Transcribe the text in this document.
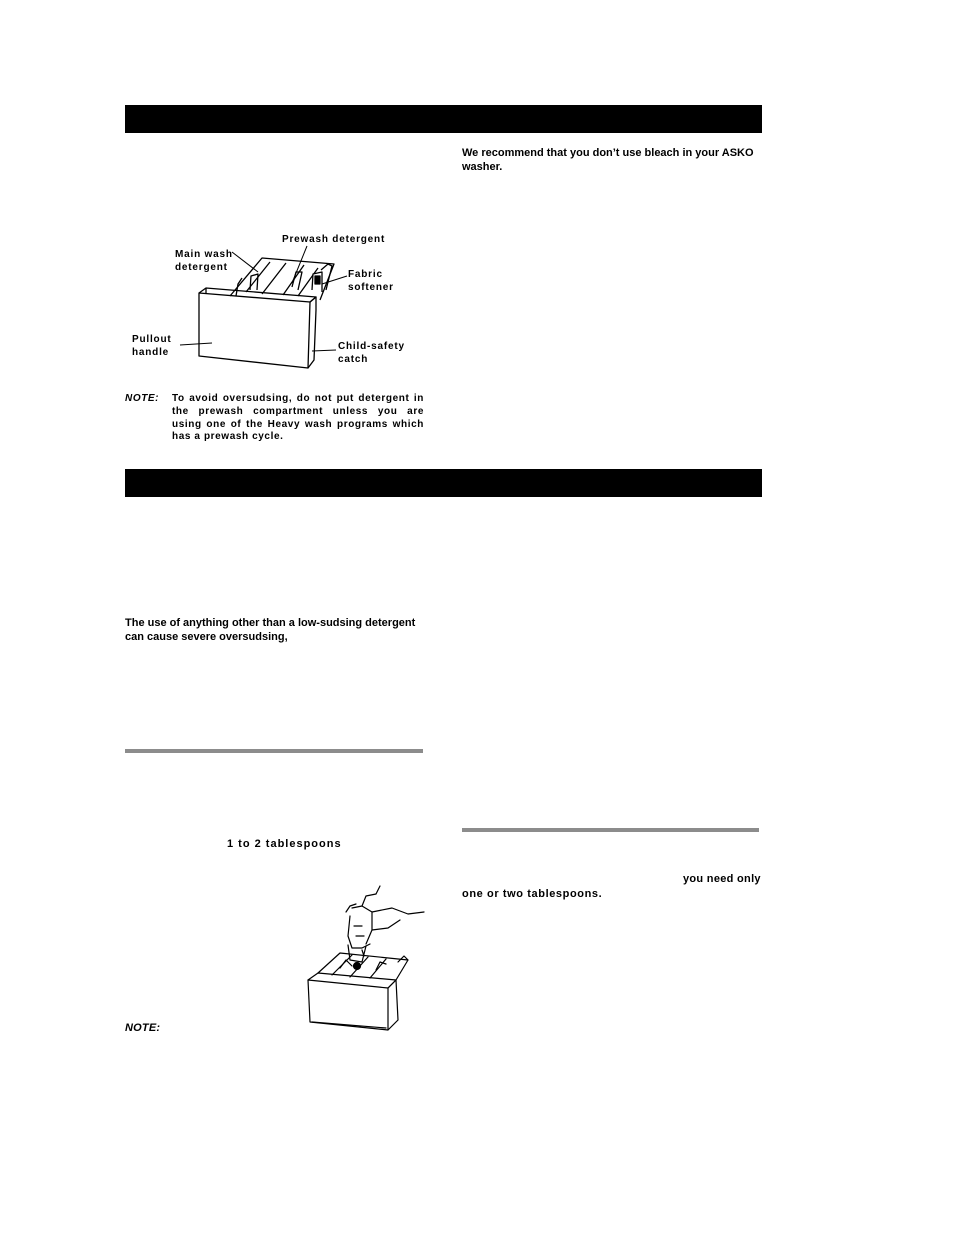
We recommend that you don’t use bleach in your ASKO
washer.

Main wash
detergent

Prewash detergent

Fabric
softener

Pullout
handle

Child-safety
catch

NOTE: To avoid oversudsing, do not put detergent in
the prewash compartment unless you are
using one of the Heavy wash programs which
has a prewash cycle.

The use of anything other than a low-sudsing detergent
can cause severe oversudsing,

1 to 2 tablespoons

you need only

one or two tablespoons.

NOTE:
